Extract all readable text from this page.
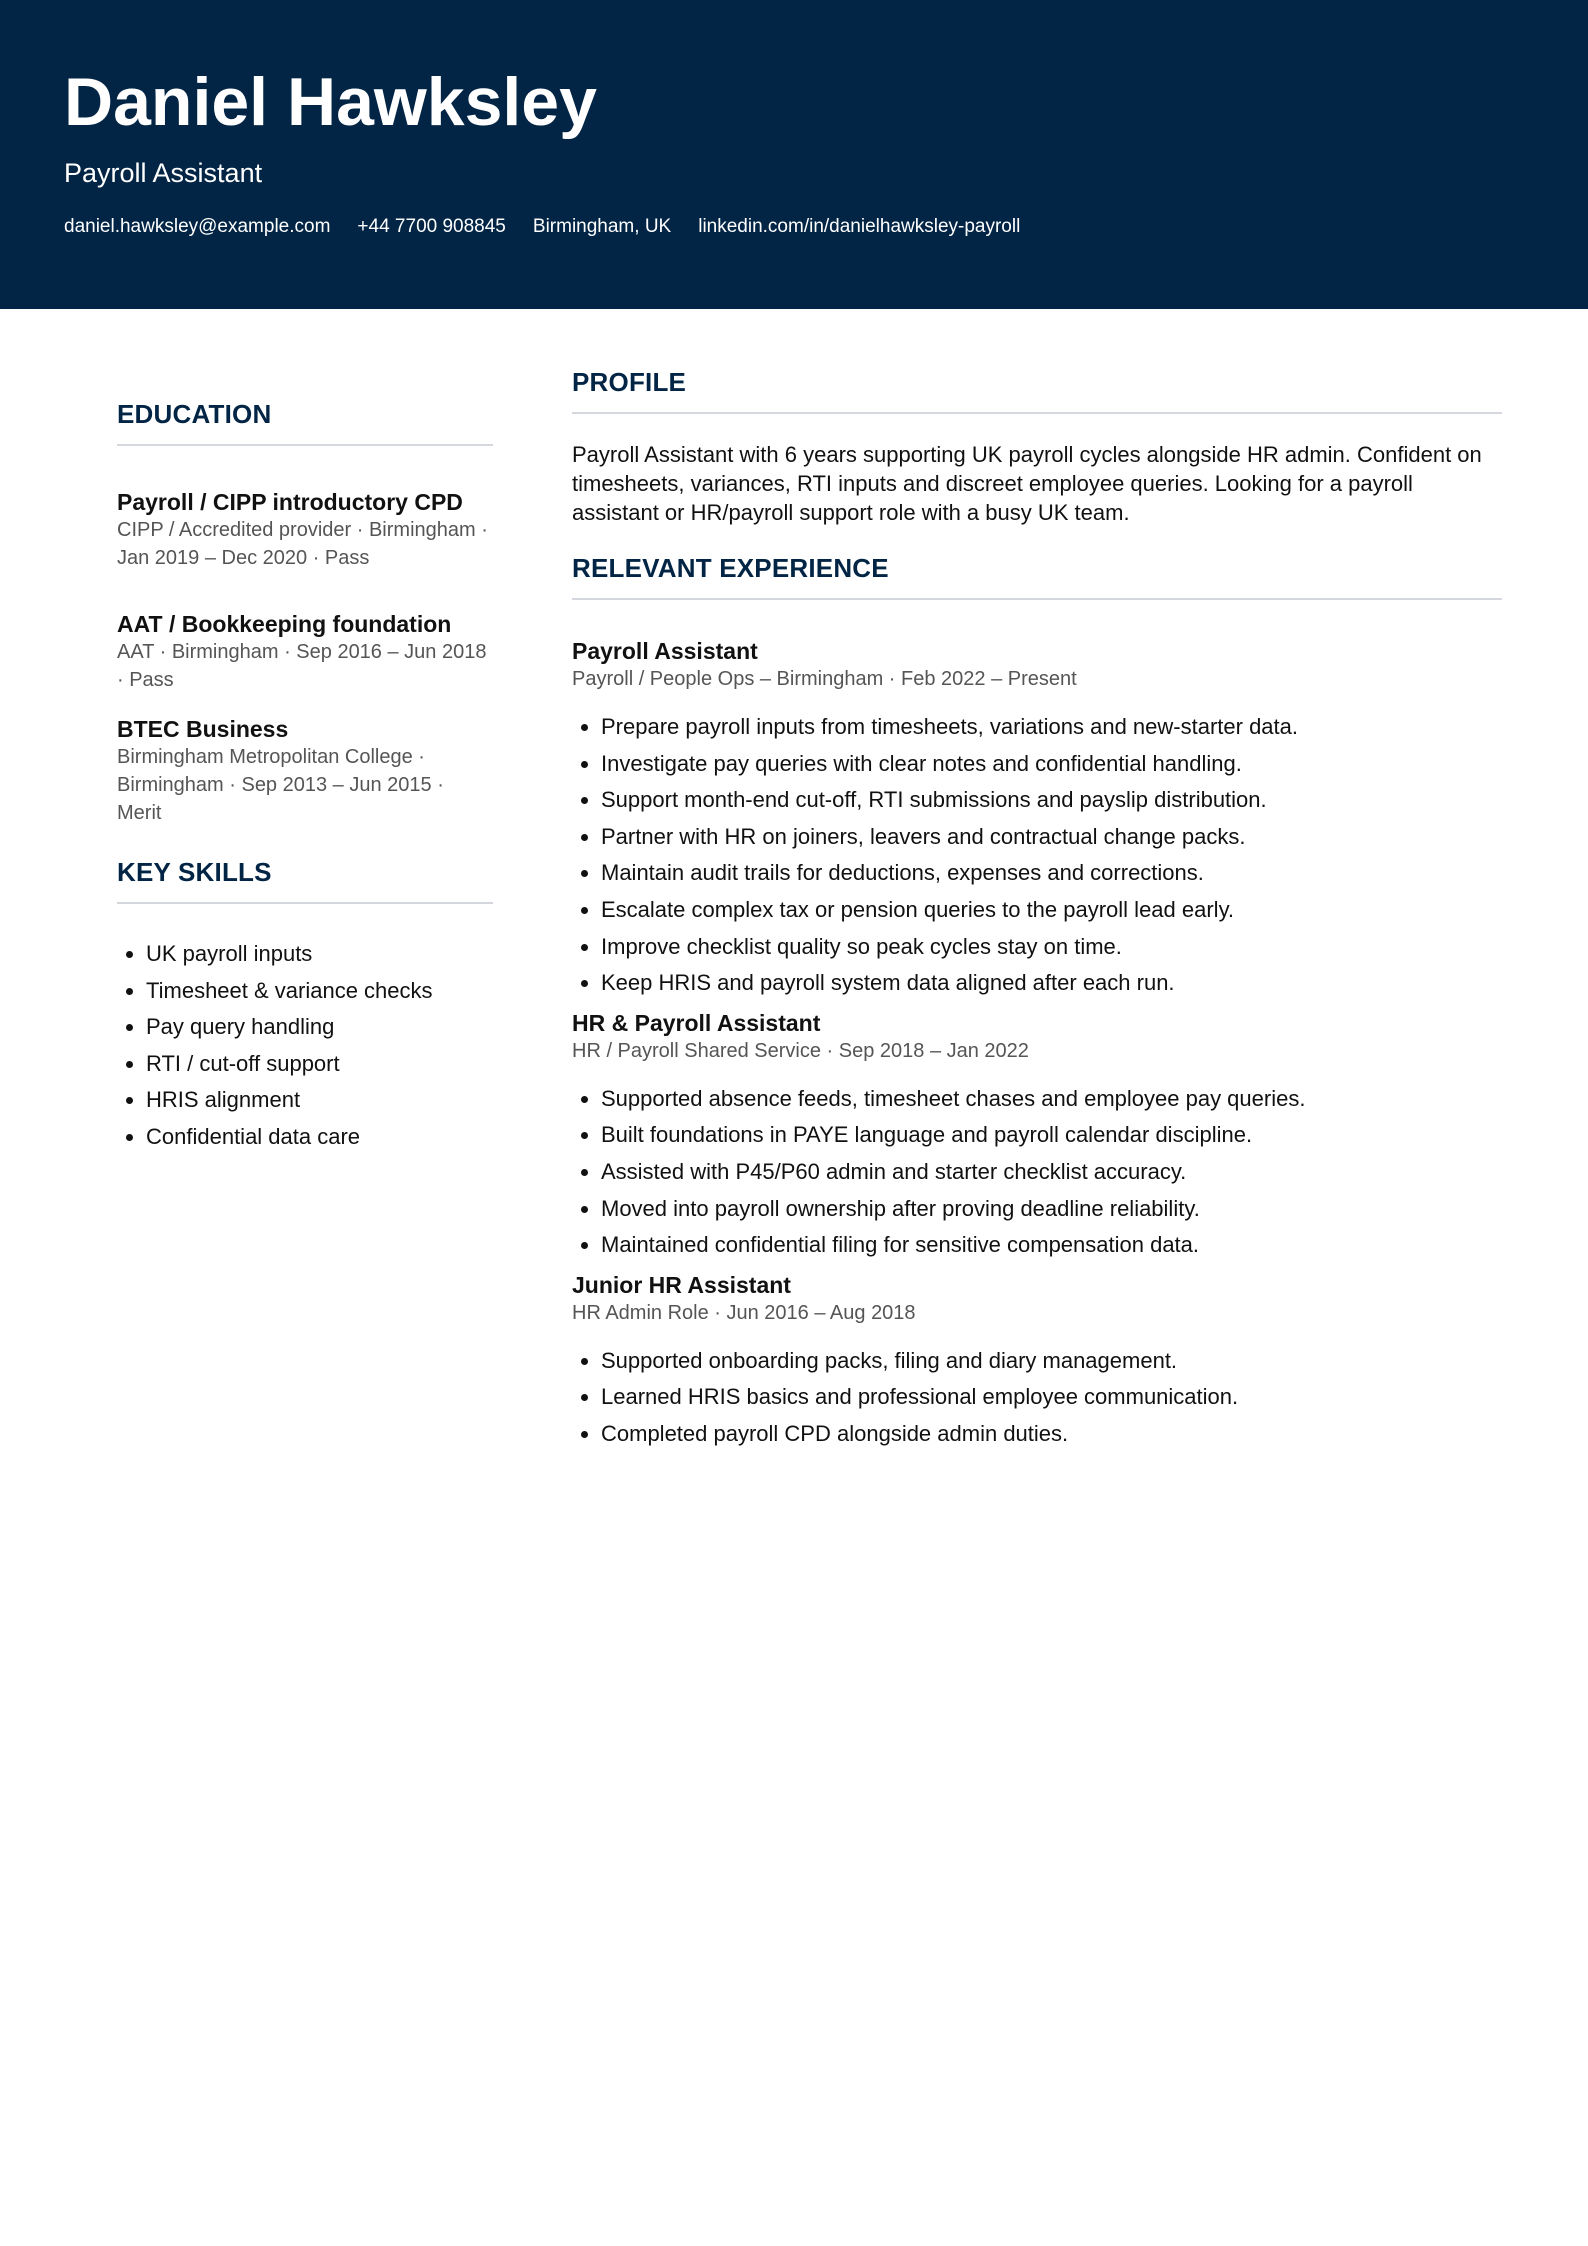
Daniel Hawksley
Payroll Assistant
daniel.hawksley@example.com +44 7700 908845 Birmingham, UK linkedin.com/in/danielhawksley-payroll
EDUCATION
Payroll / CIPP introductory CPD
CIPP / Accredited provider · Birmingham · Jan 2019 – Dec 2020 · Pass
AAT / Bookkeeping foundation
AAT · Birmingham · Sep 2016 – Jun 2018 · Pass
BTEC Business
Birmingham Metropolitan College · Birmingham · Sep 2013 – Jun 2015 · Merit
KEY SKILLS
• UK payroll inputs
• Timesheet & variance checks
• Pay query handling
• RTI / cut-off support
• HRIS alignment
• Confidential data care
PROFILE

Payroll Assistant with 6 years supporting UK payroll cycles alongside HR admin. Confident on timesheets, variances, RTI inputs and discreet employee queries. Looking for a payroll assistant or HR/payroll support role with a busy UK team.

RELEVANT EXPERIENCE
Payroll Assistant
Payroll / People Ops – Birmingham · Feb 2022 – Present
• Prepare payroll inputs from timesheets, variations and new-starter data.
• Investigate pay queries with clear notes and confidential handling.
• Support month-end cut-off, RTI submissions and payslip distribution.
• Partner with HR on joiners, leavers and contractual change packs.
• Maintain audit trails for deductions, expenses and corrections.
• Escalate complex tax or pension queries to the payroll lead early.
• Improve checklist quality so peak cycles stay on time.
• Keep HRIS and payroll system data aligned after each run.
HR & Payroll Assistant
HR / Payroll Shared Service · Sep 2018 – Jan 2022
• Supported absence feeds, timesheet chases and employee pay queries.
• Built foundations in PAYE language and payroll calendar discipline.
• Assisted with P45/P60 admin and starter checklist accuracy.
• Moved into payroll ownership after proving deadline reliability.
• Maintained confidential filing for sensitive compensation data.
Junior HR Assistant
HR Admin Role · Jun 2016 – Aug 2018
• Supported onboarding packs, filing and diary management.
• Learned HRIS basics and professional employee communication.
• Completed payroll CPD alongside admin duties.
